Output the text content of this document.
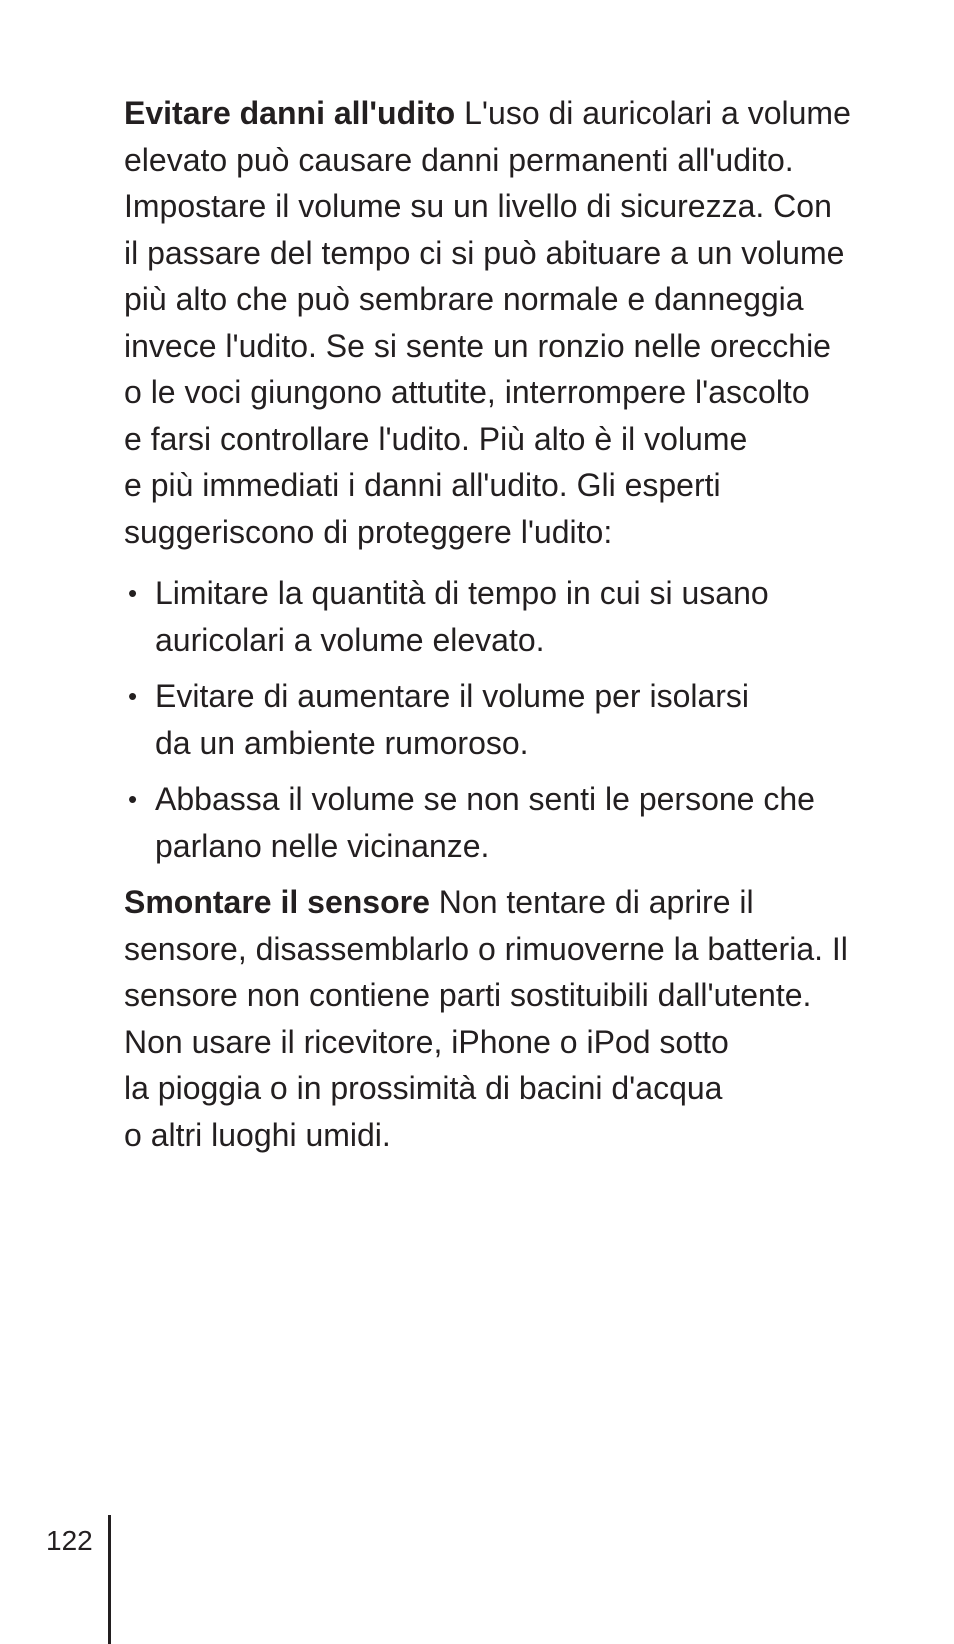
Evitare danni all'udito L'uso di auricolari a volume
elevato può causare danni permanenti all'udito.
Impostare il volume su un livello di sicurezza. Con
il passare del tempo ci si può abituare a un volume
più alto che può sembrare normale e danneggia
invece l'udito. Se si sente un ronzio nelle orecchie
o le voci giungono attutite, interrompere l'ascolto
e farsi controllare l'udito. Più alto è il volume
e più immediati i danni all'udito. Gli esperti
suggeriscono di proteggere l'udito:

• Limitare la quantità di tempo in cui si usano
auricolari a volume elevato.
• Evitare di aumentare il volume per isolarsi
da un ambiente rumoroso.
• Abbassa il volume se non senti le persone che
parlano nelle vicinanze.

Smontare il sensore Non tentare di aprire il
sensore, disassemblarlo o rimuoverne la batteria. Il
sensore non contiene parti sostituibili dall'utente.
Non usare il ricevitore, iPhone o iPod sotto
la pioggia o in prossimità di bacini d'acqua
o altri luoghi umidi.

122
